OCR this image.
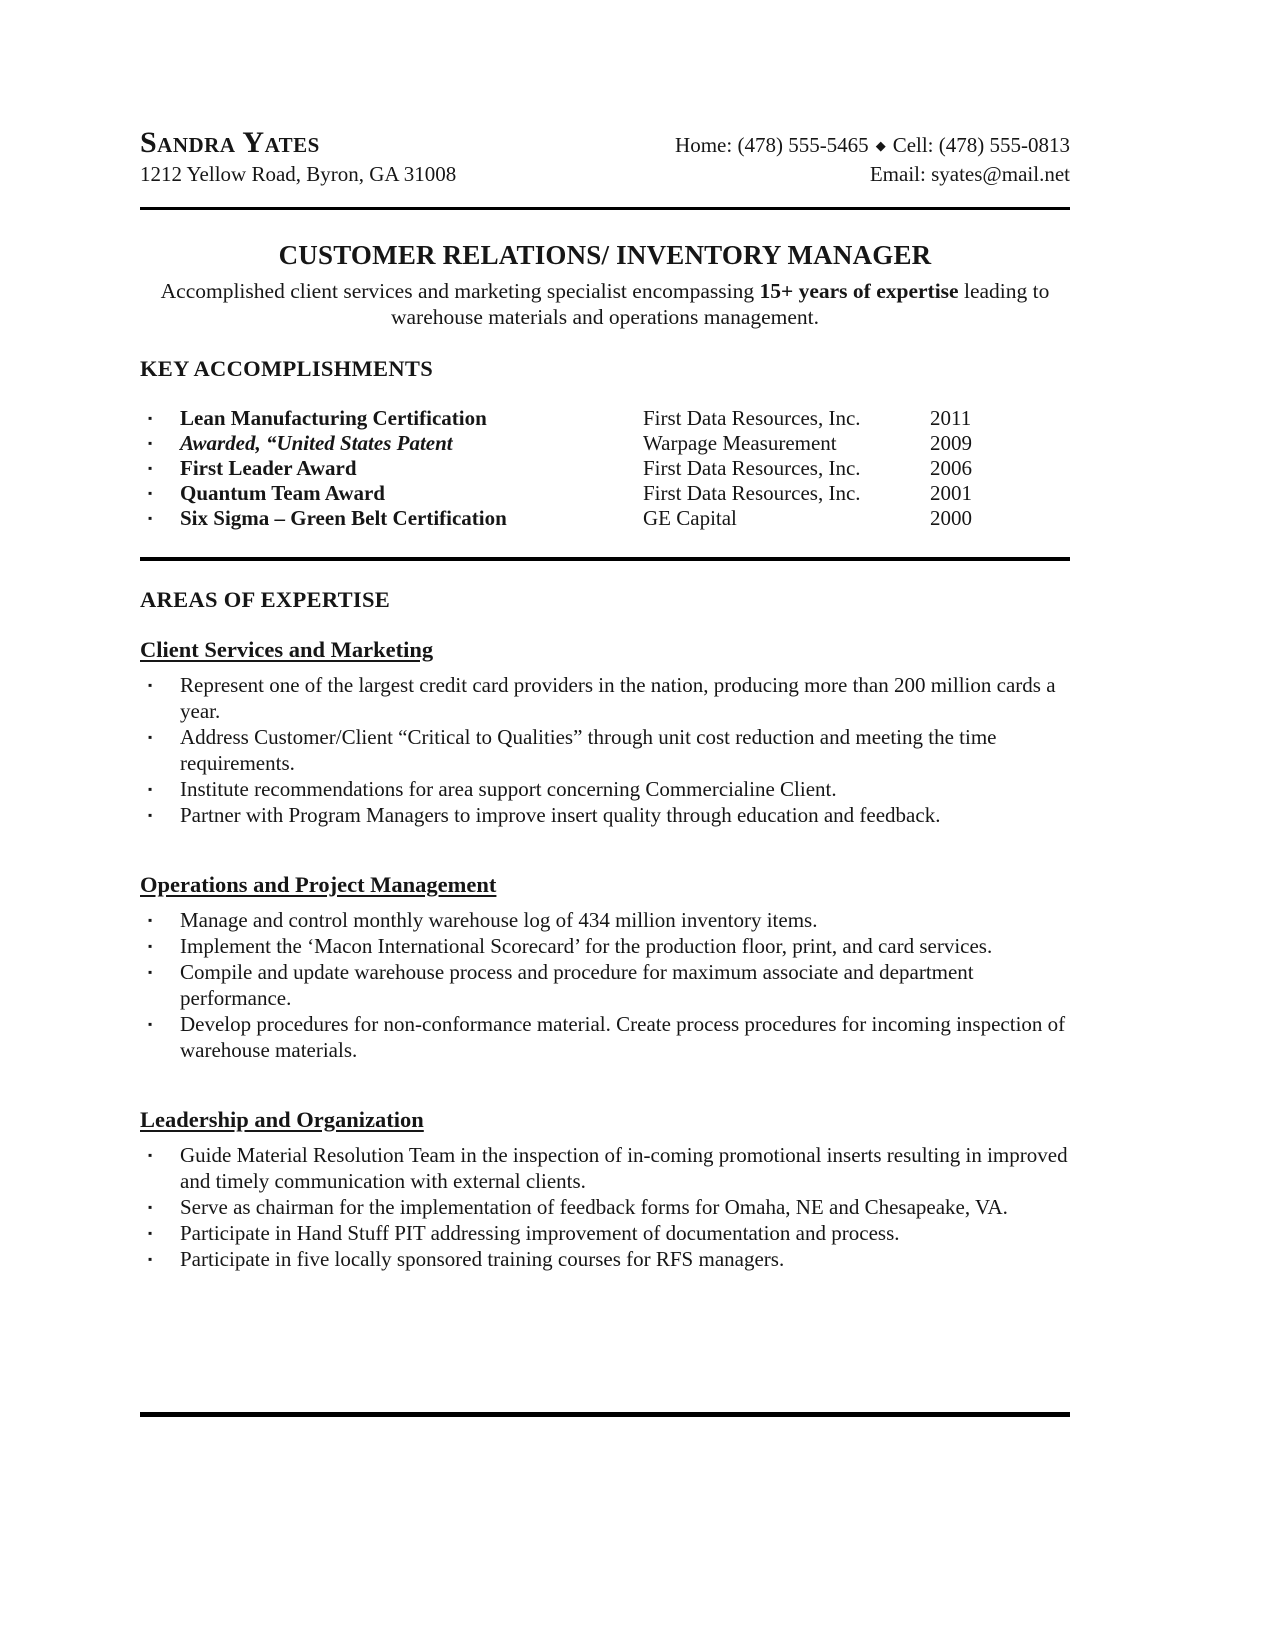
Sandra Yates	Home: (478) 555-5465 ◆ Cell: (478) 555-0813
1212 Yellow Road, Byron, GA 31008	Email: syates@mail.net
CUSTOMER RELATIONS/ INVENTORY MANAGER
Accomplished client services and marketing specialist encompassing 15+ years of expertise leading to warehouse materials and operations management.
KEY ACCOMPLISHMENTS
▪	Lean Manufacturing Certification	First Data Resources, Inc.	2011
▪	Awarded, “United States Patent	Warpage Measurement	2009
▪	First Leader Award	First Data Resources, Inc.	2006
▪	Quantum Team Award	First Data Resources, Inc.	2001
▪	Six Sigma – Green Belt Certification	GE Capital	2000
AREAS OF EXPERTISE
Client Services and Marketing
▪	Represent one of the largest credit card providers in the nation, producing more than 200 million cards a year.
▪	Address Customer/Client “Critical to Qualities” through unit cost reduction and meeting the time requirements.
▪	Institute recommendations for area support concerning Commercialine Client.
▪	Partner with Program Managers to improve insert quality through education and feedback.
Operations and Project Management
▪	Manage and control monthly warehouse log of 434 million inventory items.
▪	Implement the ‘Macon International Scorecard’ for the production floor, print, and card services.
▪	Compile and update warehouse process and procedure for maximum associate and department performance.
▪	Develop procedures for non-conformance material. Create process procedures for incoming inspection of warehouse materials.
Leadership and Organization
▪	Guide Material Resolution Team in the inspection of in-coming promotional inserts resulting in improved and timely communication with external clients.
▪	Serve as chairman for the implementation of feedback forms for Omaha, NE and Chesapeake, VA.
▪	Participate in Hand Stuff PIT addressing improvement of documentation and process.
▪	Participate in five locally sponsored training courses for RFS managers.
